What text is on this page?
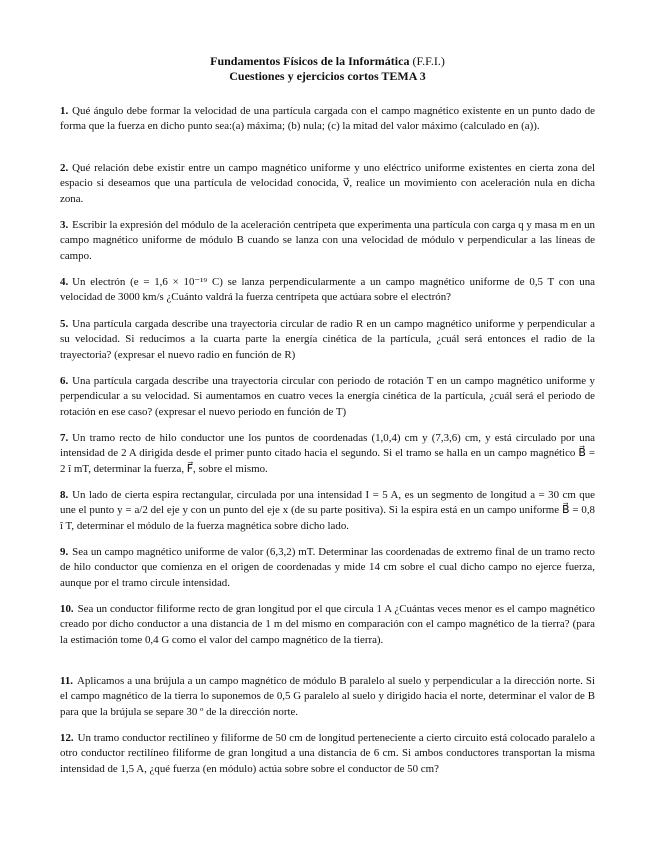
Fundamentos Físicos de la Informática (F.F.I.)
Cuestiones y ejercicios cortos TEMA 3

1. Qué ángulo debe formar la velocidad de una partícula cargada con el campo magnético existente en un punto dado de forma que la fuerza en dicho punto sea:(a) máxima; (b) nula; (c) la mitad del valor máximo (calculado en (a)).

2. Qué relación debe existir entre un campo magnético uniforme y uno eléctrico uniforme existentes en cierta zona del espacio si deseamos que una partícula de velocidad conocida, v⃗, realice un movimiento con aceleración nula en dicha zona.

3. Escribir la expresión del módulo de la aceleración centrípeta que experimenta una partícula con carga q y masa m en un campo magnético uniforme de módulo B cuando se lanza con una velocidad de módulo v perpendicular a las líneas de campo.

4. Un electrón (e = 1,6 × 10⁻¹⁹ C) se lanza perpendicularmente a un campo magnético uniforme de 0,5 T con una velocidad de 3000 km/s ¿Cuánto valdrá la fuerza centrípeta que actúara sobre el electrón?

5. Una partícula cargada describe una trayectoria circular de radio R en un campo magnético uniforme y perpendicular a su velocidad. Si reducimos a la cuarta parte la energía cinética de la partícula, ¿cuál será entonces el radio de la trayectoria? (expresar el nuevo radio en función de R)

6. Una partícula cargada describe una trayectoria circular con periodo de rotación T en un campo magnético uniforme y perpendicular a su velocidad. Si aumentamos en cuatro veces la energía cinética de la partícula, ¿cuál será el periodo de rotación en ese caso? (expresar el nuevo periodo en función de T)

7. Un tramo recto de hilo conductor une los puntos de coordenadas (1,0,4) cm y (7,3,6) cm, y está circulado por una intensidad de 2 A dirigida desde el primer punto citado hacia el segundo. Si el tramo se halla en un campo magnético B⃗ = 2 î mT, determinar la fuerza, F⃗, sobre el mismo.

8. Un lado de cierta espira rectangular, circulada por una intensidad I = 5 A, es un segmento de longitud a = 30 cm que une el punto y = a/2 del eje y con un punto del eje x (de su parte positiva). Si la espira está en un campo uniforme B⃗ = 0,8 î T, determinar el módulo de la fuerza magnética sobre dicho lado.

9. Sea un campo magnético uniforme de valor (6,3,2) mT. Determinar las coordenadas de extremo final de un tramo recto de hilo conductor que comienza en el origen de coordenadas y mide 14 cm sobre el cual dicho campo no ejerce fuerza, aunque por el tramo circule intensidad.

10. Sea un conductor filiforme recto de gran longitud por el que circula 1 A ¿Cuántas veces menor es el campo magnético creado por dicho conductor a una distancia de 1 m del mismo en comparación con el campo magnético de la tierra? (para la estimación tome 0,4 G como el valor del campo magnético de la tierra).

11. Aplicamos a una brújula a un campo magnético de módulo B paralelo al suelo y perpendicular a la dirección norte. Si el campo magnético de la tierra lo suponemos de 0,5 G paralelo al suelo y dirigido hacia el norte, determinar el valor de B para que la brújula se separe 30 º de la dirección norte.

12. Un tramo conductor rectilíneo y filiforme de 50 cm de longitud perteneciente a cierto circuito está colocado paralelo a otro conductor rectilíneo filiforme de gran longitud a una distancia de 6 cm. Si ambos conductores transportan la misma intensidad de 1,5 A, ¿qué fuerza (en módulo) actúa sobre sobre el conductor de 50 cm?
